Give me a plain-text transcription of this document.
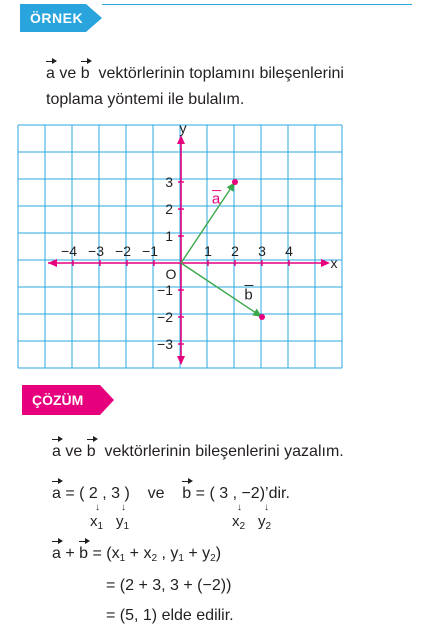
ÖRNEK
a ve b vektörlerinin toplamını bileşenlerini
toplama yöntemi ile bulalım.
−4 −3 −2 −1	1 2 3 4
3
2
1
−1
−2
−3
x
y
O
a
b
ÇÖZÜM
a ve b vektörlerinin bileşenlerini yazalım.
a = ( 2 , 3 ) ve b = ( 3 , −2)’dir.
↓ ↓	↓ ↓
$x_1$ $y_1$	$x_2$ $y_2$
$a + b = (x_1 + x_2$ , $y_1 + y_2$)
= (2 + 3, 3 + (−2))
= (5, 1) elde edilir.
